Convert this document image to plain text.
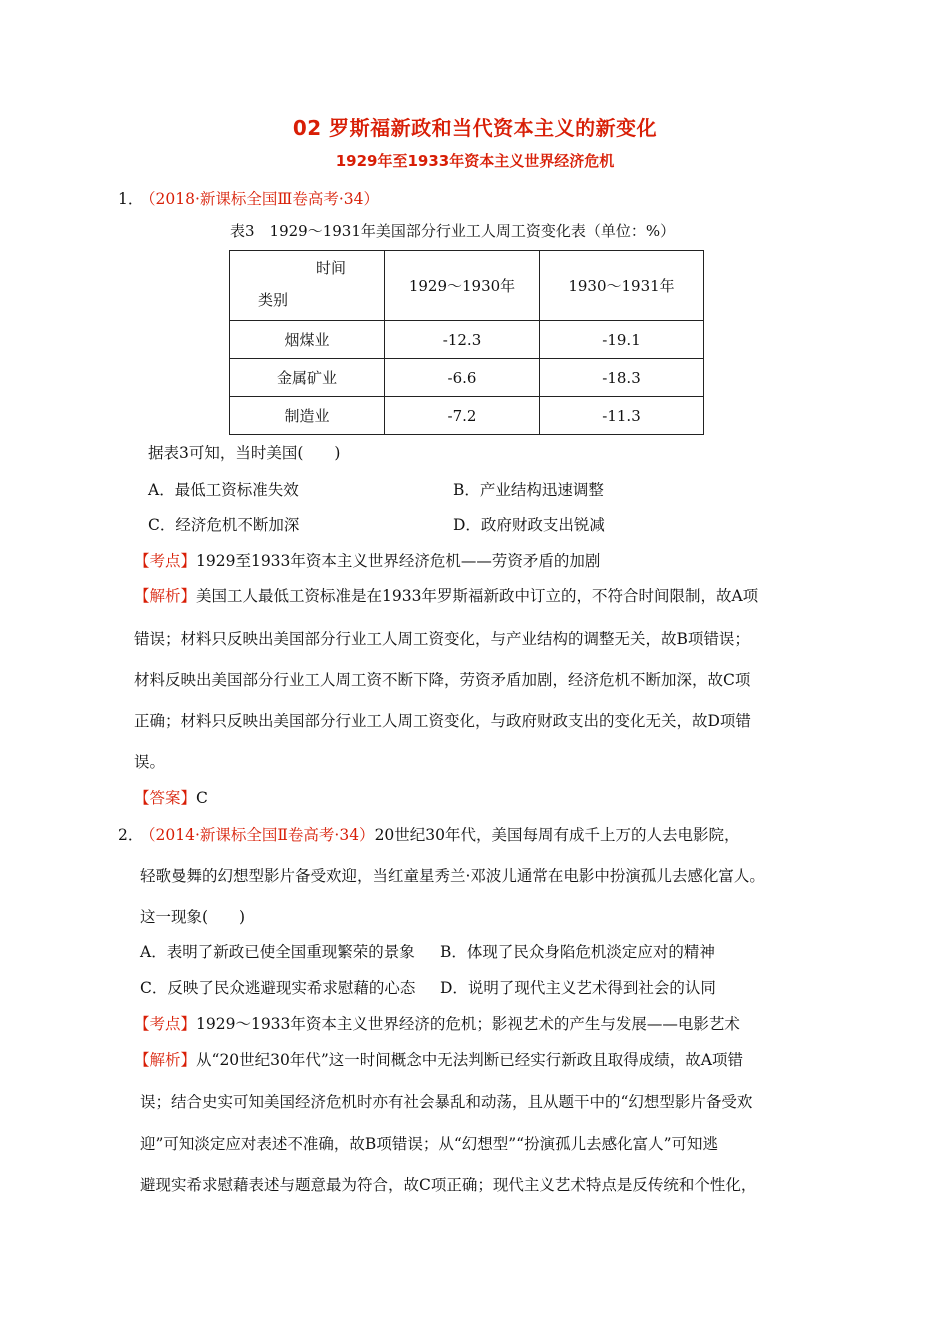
02 罗斯福新政和当代资本主义的新变化
1929年至1933年资本主义世界经济危机
1．
（2018·新课标全国Ⅲ卷高考·34）
表3　1929～1931年美国部分行业工人周工资变化表（单位：%）
时间
类别	1929～1930年	1930～1931年
烟煤业	-12.3	-19.1
金属矿业	-6.6	-18.3
制造业	-7.2	-11.3
据表3可知，当时美国(　　)
A．最低工资标准失效	B．产业结构迅速调整
C．经济危机不断加深	D．政府财政支出锐减
【考点】1929至1933年资本主义世界经济危机——劳资矛盾的加剧
【解析】美国工人最低工资标准是在1933年罗斯福新政中订立的，不符合时间限制，故A项
错误；材料只反映出美国部分行业工人周工资变化，与产业结构的调整无关，故B项错误；
材料反映出美国部分行业工人周工资不断下降，劳资矛盾加剧，经济危机不断加深，故C项
正确；材料只反映出美国部分行业工人周工资变化，与政府财政支出的变化无关，故D项错
误。
【答案】C
2．
（2014·新课标全国Ⅱ卷高考·34）20世纪30年代，美国每周有成千上万的人去电影院，
轻歌曼舞的幻想型影片备受欢迎，当红童星秀兰·邓波儿通常在电影中扮演孤儿去感化富人。
这一现象(　　)
A．表明了新政已使全国重现繁荣的景象 B．体现了民众身陷危机淡定应对的精神
C．反映了民众逃避现实希求慰藉的心态 D．说明了现代主义艺术得到社会的认同
【考点】1929～1933年资本主义世界经济的危机；影视艺术的产生与发展——电影艺术
【解析】从“20世纪30年代”这一时间概念中无法判断已经实行新政且取得成绩，故A项错
误；结合史实可知美国经济危机时亦有社会暴乱和动荡，且从题干中的“幻想型影片备受欢
迎”可知淡定应对表述不准确，故B项错误；从“幻想型”“扮演孤儿去感化富人”可知逃
避现实希求慰藉表述与题意最为符合，故C项正确；现代主义艺术特点是反传统和个性化，
